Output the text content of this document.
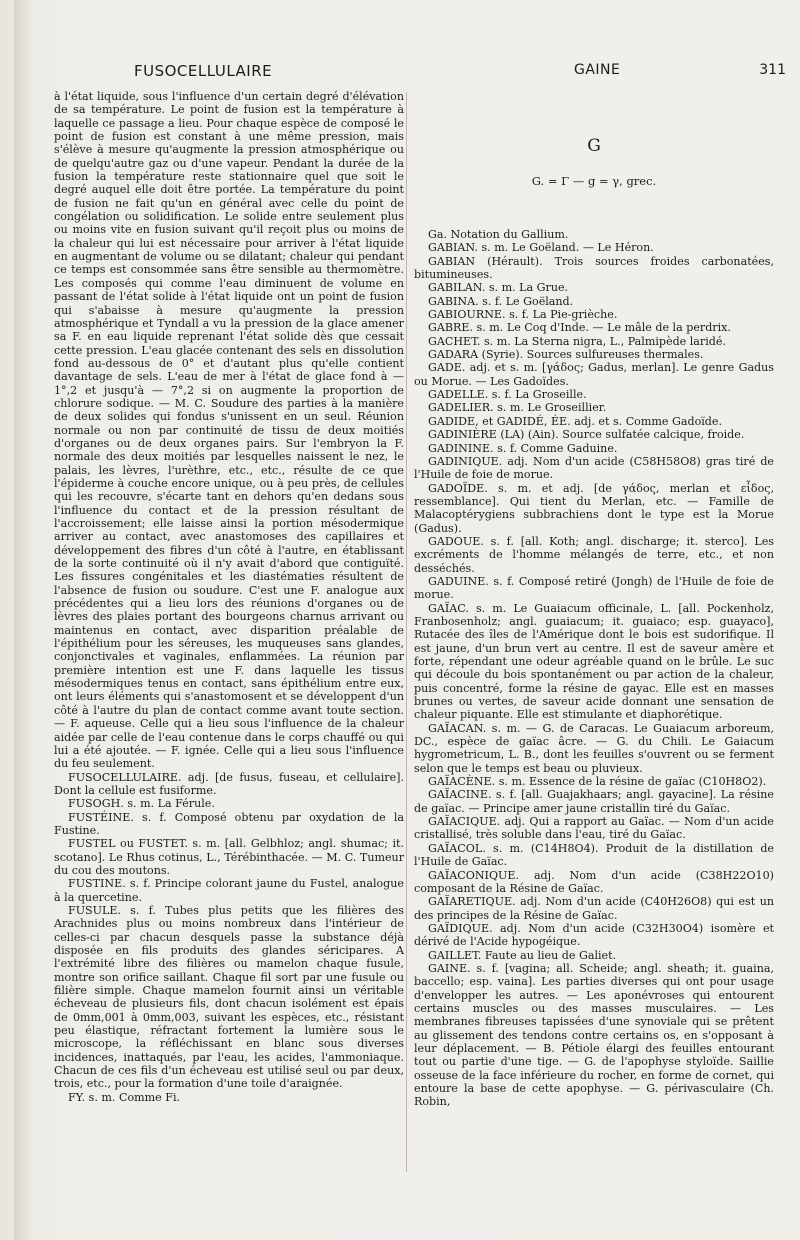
FUSOCELLULAIRE	GAINE	311

à l'état liquide, sous l'influence d'un certain degré d'élévation de sa température. Le point de fusion est la température à laquelle ce passage a lieu. Pour chaque espèce de composé le point de fusion est constant à une même pression, mais s'élève à mesure qu'augmente la pression atmosphérique ou de quelqu'autre gaz ou d'une vapeur. Pendant la durée de la fusion la température reste stationnaire quel que soit le degré auquel elle doit être portée. La température du point de fusion ne fait qu'un en général avec celle du point de congélation ou solidification. Le solide entre seulement plus ou moins vite en fusion suivant qu'il reçoit plus ou moins de la chaleur qui lui est nécessaire pour arriver à l'état liquide en augmentant de volume ou se dilatant; chaleur qui pendant ce temps est consommée sans être sensible au thermomètre. Les composés qui comme l'eau diminuent de volume en passant de l'état solide à l'état liquide ont un point de fusion qui s'abaisse à mesure qu'augmente la pression atmosphérique et Tyndall a vu la pression de la glace amener sa F. en eau liquide reprenant l'état solide dès que cessait cette pression. L'eau glacée contenant des sels en dissolution fond au-dessous de 0° et d'autant plus qu'elle contient davantage de sels. L'eau de mer à l'état de glace fond à — 1°,2 et jusqu'à — 7°,2 si on augmente la proportion de chlorure sodique. — M. C. Soudure des parties à la manière de deux solides qui fondus s'unissent en un seul. Réunion normale ou non par continuité de tissu de deux moitiés d'organes ou de deux organes pairs. Sur l'embryon la F. normale des deux moitiés par lesquelles naissent le nez, le palais, les lèvres, l'urèthre, etc., etc., résulte de ce que l'épiderme à couche encore unique, ou à peu près, de cellules qui les recouvre, s'écarte tant en dehors qu'en dedans sous l'influence du contact et de la pression résultant de l'accroissement; elle laisse ainsi la portion mésodermique arriver au contact, avec anastomoses des capillaires et développement des fibres d'un côté à l'autre, en établissant de la sorte continuité où il n'y avait d'abord que contiguïté. Les fissures congénitales et les diastématies résultent de l'absence de fusion ou soudure. C'est une F. analogue aux précédentes qui a lieu lors des réunions d'organes ou de lèvres des plaies portant des bourgeons charnus arrivant ou maintenus en contact, avec disparition préalable de l'épithélium pour les séreuses, les muqueuses sans glandes, conjonctivales et vaginales, enflammées. La réunion par première intention est une F. dans laquelle les tissus mésodermiques tenus en contact, sans épithélium entre eux, ont leurs éléments qui s'anastomosent et se développent d'un côté à l'autre du plan de contact comme avant toute section. — F. aqueuse. Celle qui a lieu sous l'influence de la chaleur aidée par celle de l'eau contenue dans le corps chauffé ou qui lui a été ajoutée. — F. ignée. Celle qui a lieu sous l'influence du feu seulement.

FUSOCELLULAIRE. adj. [de fusus, fuseau, et cellulaire]. Dont la cellule est fusiforme.

FUSOGH. s. m. La Férule.

FUSTÉINE. s. f. Composé obtenu par oxydation de la Fustine.

FUSTEL ou FUSTET. s. m. [all. Gelbhloz; angl. shumac; it. scotano]. Le Rhus cotinus, L., Térébinthacée. — M. C. Tumeur du cou des moutons.

FUSTINE. s. f. Principe colorant jaune du Fustel, analogue à la quercetine.

FUSULE. s. f. Tubes plus petits que les filières des Arachnides plus ou moins nombreux dans l'intérieur de celles-ci par chacun desquels passe la substance déjà disposée en fils produits des glandes séricipares. A l'extrémité libre des filières ou mamelon chaque fusule, montre son orifice saillant. Chaque fil sort par une fusule ou filière simple. Chaque mamelon fournit ainsi un véritable écheveau de plusieurs fils, dont chacun isolément est épais de 0mm,001 à 0mm,003, suivant les espèces, etc., résistant peu élastique, réfractant fortement la lumière sous le microscope, la réfléchissant en blanc sous diverses incidences, inattaqués, par l'eau, les acides, l'ammoniaque. Chacun de ces fils d'un écheveau est utilisé seul ou par deux, trois, etc., pour la formation d'une toile d'araignée.

FY. s. m. Comme Fi.

G
G. = Γ — g = γ, grec.

Ga. Notation du Gallium.

GABIAN. s. m. Le Goëland. — Le Héron.

GABIAN (Hérault). Trois sources froides carbonatées, bitumineuses.

GABILAN. s. m. La Grue.

GABINA. s. f. Le Goëland.

GABIOURNE. s. f. La Pie-grièche.

GABRE. s. m. Le Coq d'Inde. — Le mâle de la perdrix.

GACHET. s. m. La Sterna nigra, L., Palmipède laridé.

GADARA (Syrie). Sources sulfureuses thermales.

GADE. adj. et s. m. [γάδος; Gadus, merlan]. Le genre Gadus ou Morue. — Les Gadoïdes.

GADELLE. s. f. La Groseille.

GADELIER. s. m. Le Groseillier.

GADIDE, et GADIDÉ, ÉE. adj. et s. Comme Gadoïde.

GADINIÈRE (LA) (Ain). Source sulfatée calcique, froide.

GADININE. s. f. Comme Gaduine.

GADINIQUE. adj. Nom d'un acide (C58H58O8) gras tiré de l'Huile de foie de morue.

GADOÏDE. s. m. et adj. [de γάδος, merlan et εἶδος, ressemblance]. Qui tient du Merlan, etc. — Famille de Malacoptérygiens subbrachiens dont le type est la Morue (Gadus).

GADOUE. s. f. [all. Koth; angl. discharge; it. sterco]. Les excréments de l'homme mélangés de terre, etc., et non desséchés.

GADUINE. s. f. Composé retiré (Jongh) de l'Huile de foie de morue.

GAÏAC. s. m. Le Guaiacum officinale, L. [all. Pockenholz, Franbosenholz; angl. guaiacum; it. guaiaco; esp. guayaco], Rutacée des îles de l'Amérique dont le bois est sudorifique. Il est jaune, d'un brun vert au centre. Il est de saveur amère et forte, répendant une odeur agréable quand on le brûle. Le suc qui découle du bois spontanément ou par action de la chaleur, puis concentré, forme la résine de gayac. Elle est en masses brunes ou vertes, de saveur acide donnant une sensation de chaleur piquante. Elle est stimulante et diaphorétique.

GAÏACAN. s. m. — G. de Caracas. Le Guaiacum arboreum, DC., espèce de gaïac âcre. — G. du Chili. Le Gaiacum hygrometricum, L. B., dont les feuilles s'ouvrent ou se ferment selon que le temps est beau ou pluvieux.

GAÏACÈNE. s. m. Essence de la résine de gaïac (C10H8O2).

GAÏACINE. s. f. [all. Guajakhaars; angl. gayacine]. La résine de gaïac. — Principe amer jaune cristallin tiré du Gaïac.

GAÏACIQUE. adj. Qui a rapport au Gaïac. — Nom d'un acide cristallisé, très soluble dans l'eau, tiré du Gaïac.

GAÏACOL. s. m. (C14H8O4). Produit de la distillation de l'Huile de Gaïac.

GAÏACONIQUE. adj. Nom d'un acide (C38H22O10) composant de la Résine de Gaïac.

GAÏARETIQUE. adj. Nom d'un acide (C40H26O8) qui est un des principes de la Résine de Gaïac.

GAÏDIQUE. adj. Nom d'un acide (C32H30O4) isomère et dérivé de l'Acide hypogéique.

GAILLET. Faute au lieu de Galiet.

GAINE. s. f. [vagina; all. Scheide; angl. sheath; it. guaina, baccello; esp. vaina]. Les parties diverses qui ont pour usage d'envelopper les autres. — Les aponévroses qui entourent certains muscles ou des masses musculaires. — Les membranes fibreuses tapissées d'une synoviale qui se prêtent au glissement des tendons contre certains os, en s'opposant à leur déplacement. — B. Pétiole élargi des feuilles entourant tout ou partie d'une tige. — G. de l'apophyse styloïde. Saillie osseuse de la face inférieure du rocher, en forme de cornet, qui entoure la base de cette apophyse. — G. périvasculaire (Ch. Robin,
